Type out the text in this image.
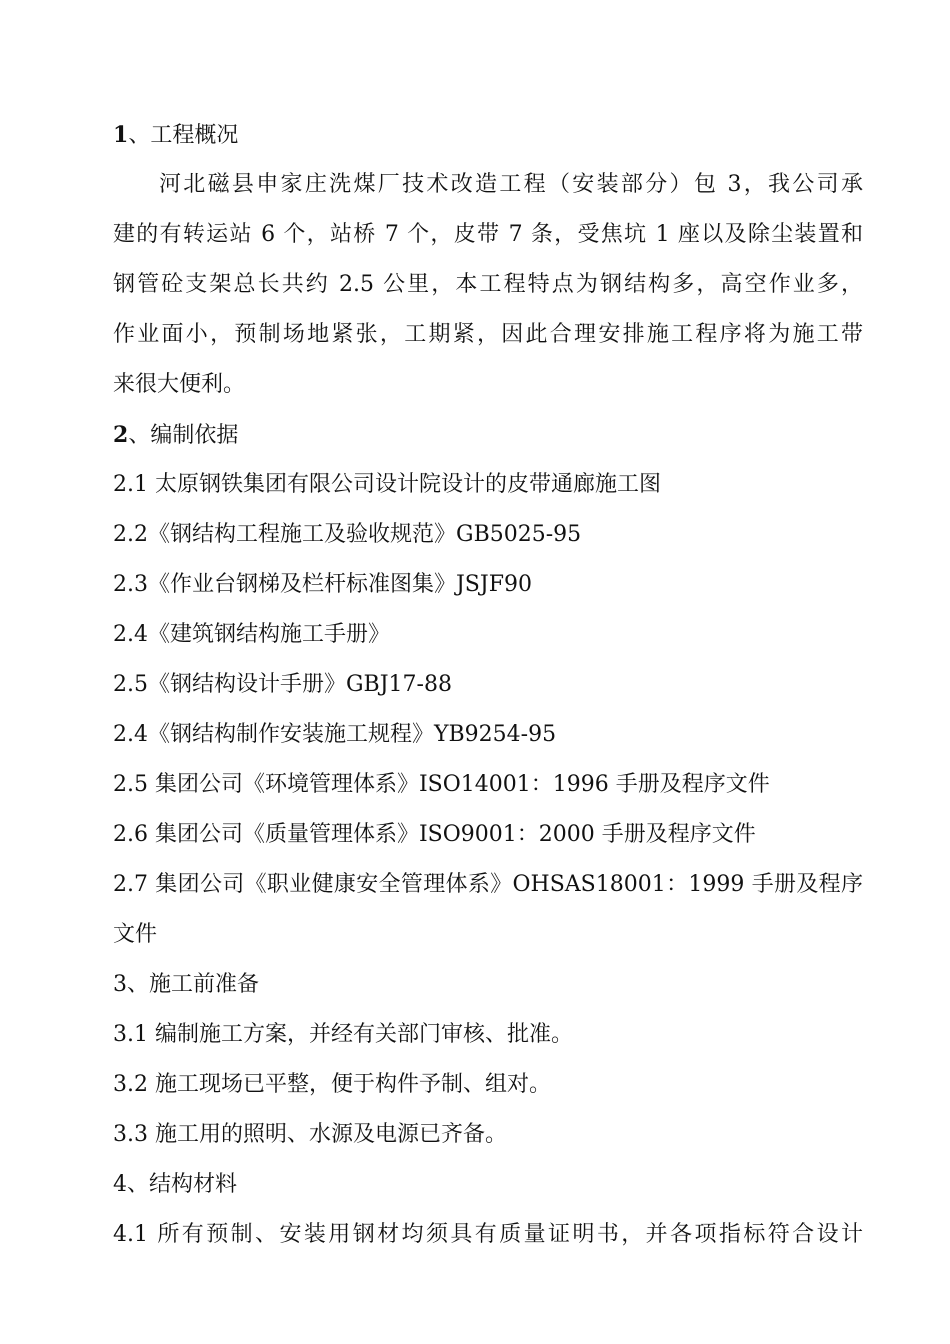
1、工程概况

河北磁县申家庄洗煤厂技术改造工程（安装部分）包 3，我公司承

建的有转运站 6 个，站桥 7 个，皮带 7 条，受焦坑 1 座以及除尘装置和

钢管砼支架总长共约 2.5 公里，本工程特点为钢结构多，高空作业多，

作业面小，预制场地紧张，工期紧，因此合理安排施工程序将为施工带

来很大便利。

2、编制依据

2.1 太原钢铁集团有限公司设计院设计的皮带通廊施工图

2.2《钢结构工程施工及验收规范》GB5025-95

2.3《作业台钢梯及栏杆标准图集》JSJF90

2.4《建筑钢结构施工手册》

2.5《钢结构设计手册》GBJ17-88

2.4《钢结构制作安装施工规程》YB9254-95

2.5 集团公司《环境管理体系》ISO14001：1996 手册及程序文件

2.6 集团公司《质量管理体系》ISO9001：2000 手册及程序文件

2.7 集团公司《职业健康安全管理体系》OHSAS18001：1999 手册及程序

文件

3、施工前准备

3.1 编制施工方案，并经有关部门审核、批准。

3.2 施工现场已平整，便于构件予制、组对。

3.3 施工用的照明、水源及电源已齐备。

4、结构材料

4.1 所有预制、安装用钢材均须具有质量证明书，并各项指标符合设计
